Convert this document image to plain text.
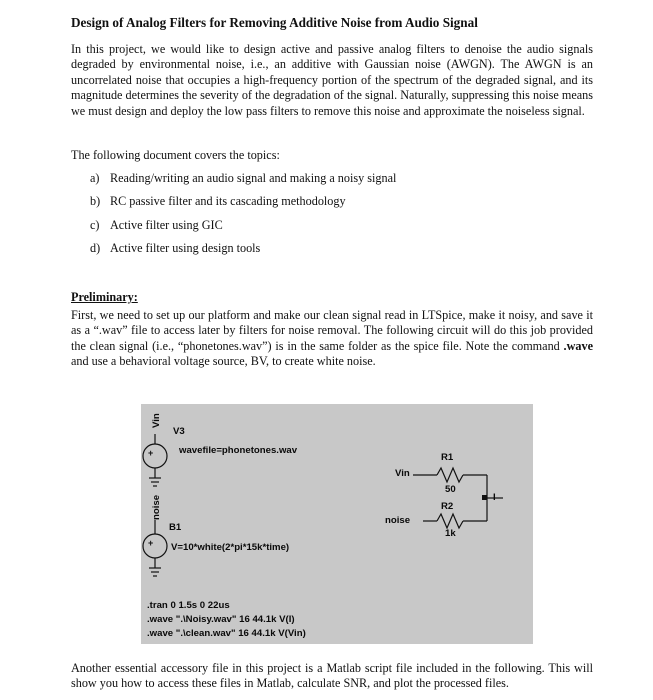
Design of Analog Filters for Removing Additive Noise from Audio Signal

In this project, we would like to design active and passive analog filters to denoise the audio signals degraded by environmental noise, i.e., an additive with Gaussian noise (AWGN). The AWGN is an uncorrelated noise that occupies a high-frequency portion of the spectrum of the degraded signal, and its magnitude determines the severity of the degradation of the signal. Naturally, suppressing this noise means we must design and deploy the low pass filters to remove this noise and approximate the noiseless signal.

The following document covers the topics:
a) Reading/writing an audio signal and making a noisy signal
b) RC passive filter and its cascading methodology
c) Active filter using GIC
d) Active filter using design tools
Preliminary:

First, we need to set up our platform and make our clean signal read in LTSpice, make it noisy, and save it as a “.wav” file to access later by filters for noise removal. The following circuit will do this job provided the clean signal (i.e., “phonetones.wav”) is in the same folder as the spice file. Note the command .wave and use a behavioral voltage source, BV, to create white noise.

+
+
Vin
noise
V3
wavefile=phonetones.wav
B1
V=10*white(2*pi*15k*time)
R1
50
R2
1k
Vin
noise
I
.tran 0 1.5s 0 22us
.wave ".\Noisy.wav" 16 44.1k V(I)
.wave ".\clean.wav" 16 44.1k V(Vin)

Another essential accessory file in this project is a Matlab script file included in the following. This will show you how to access these files in Matlab, calculate SNR, and plot the processed files.
